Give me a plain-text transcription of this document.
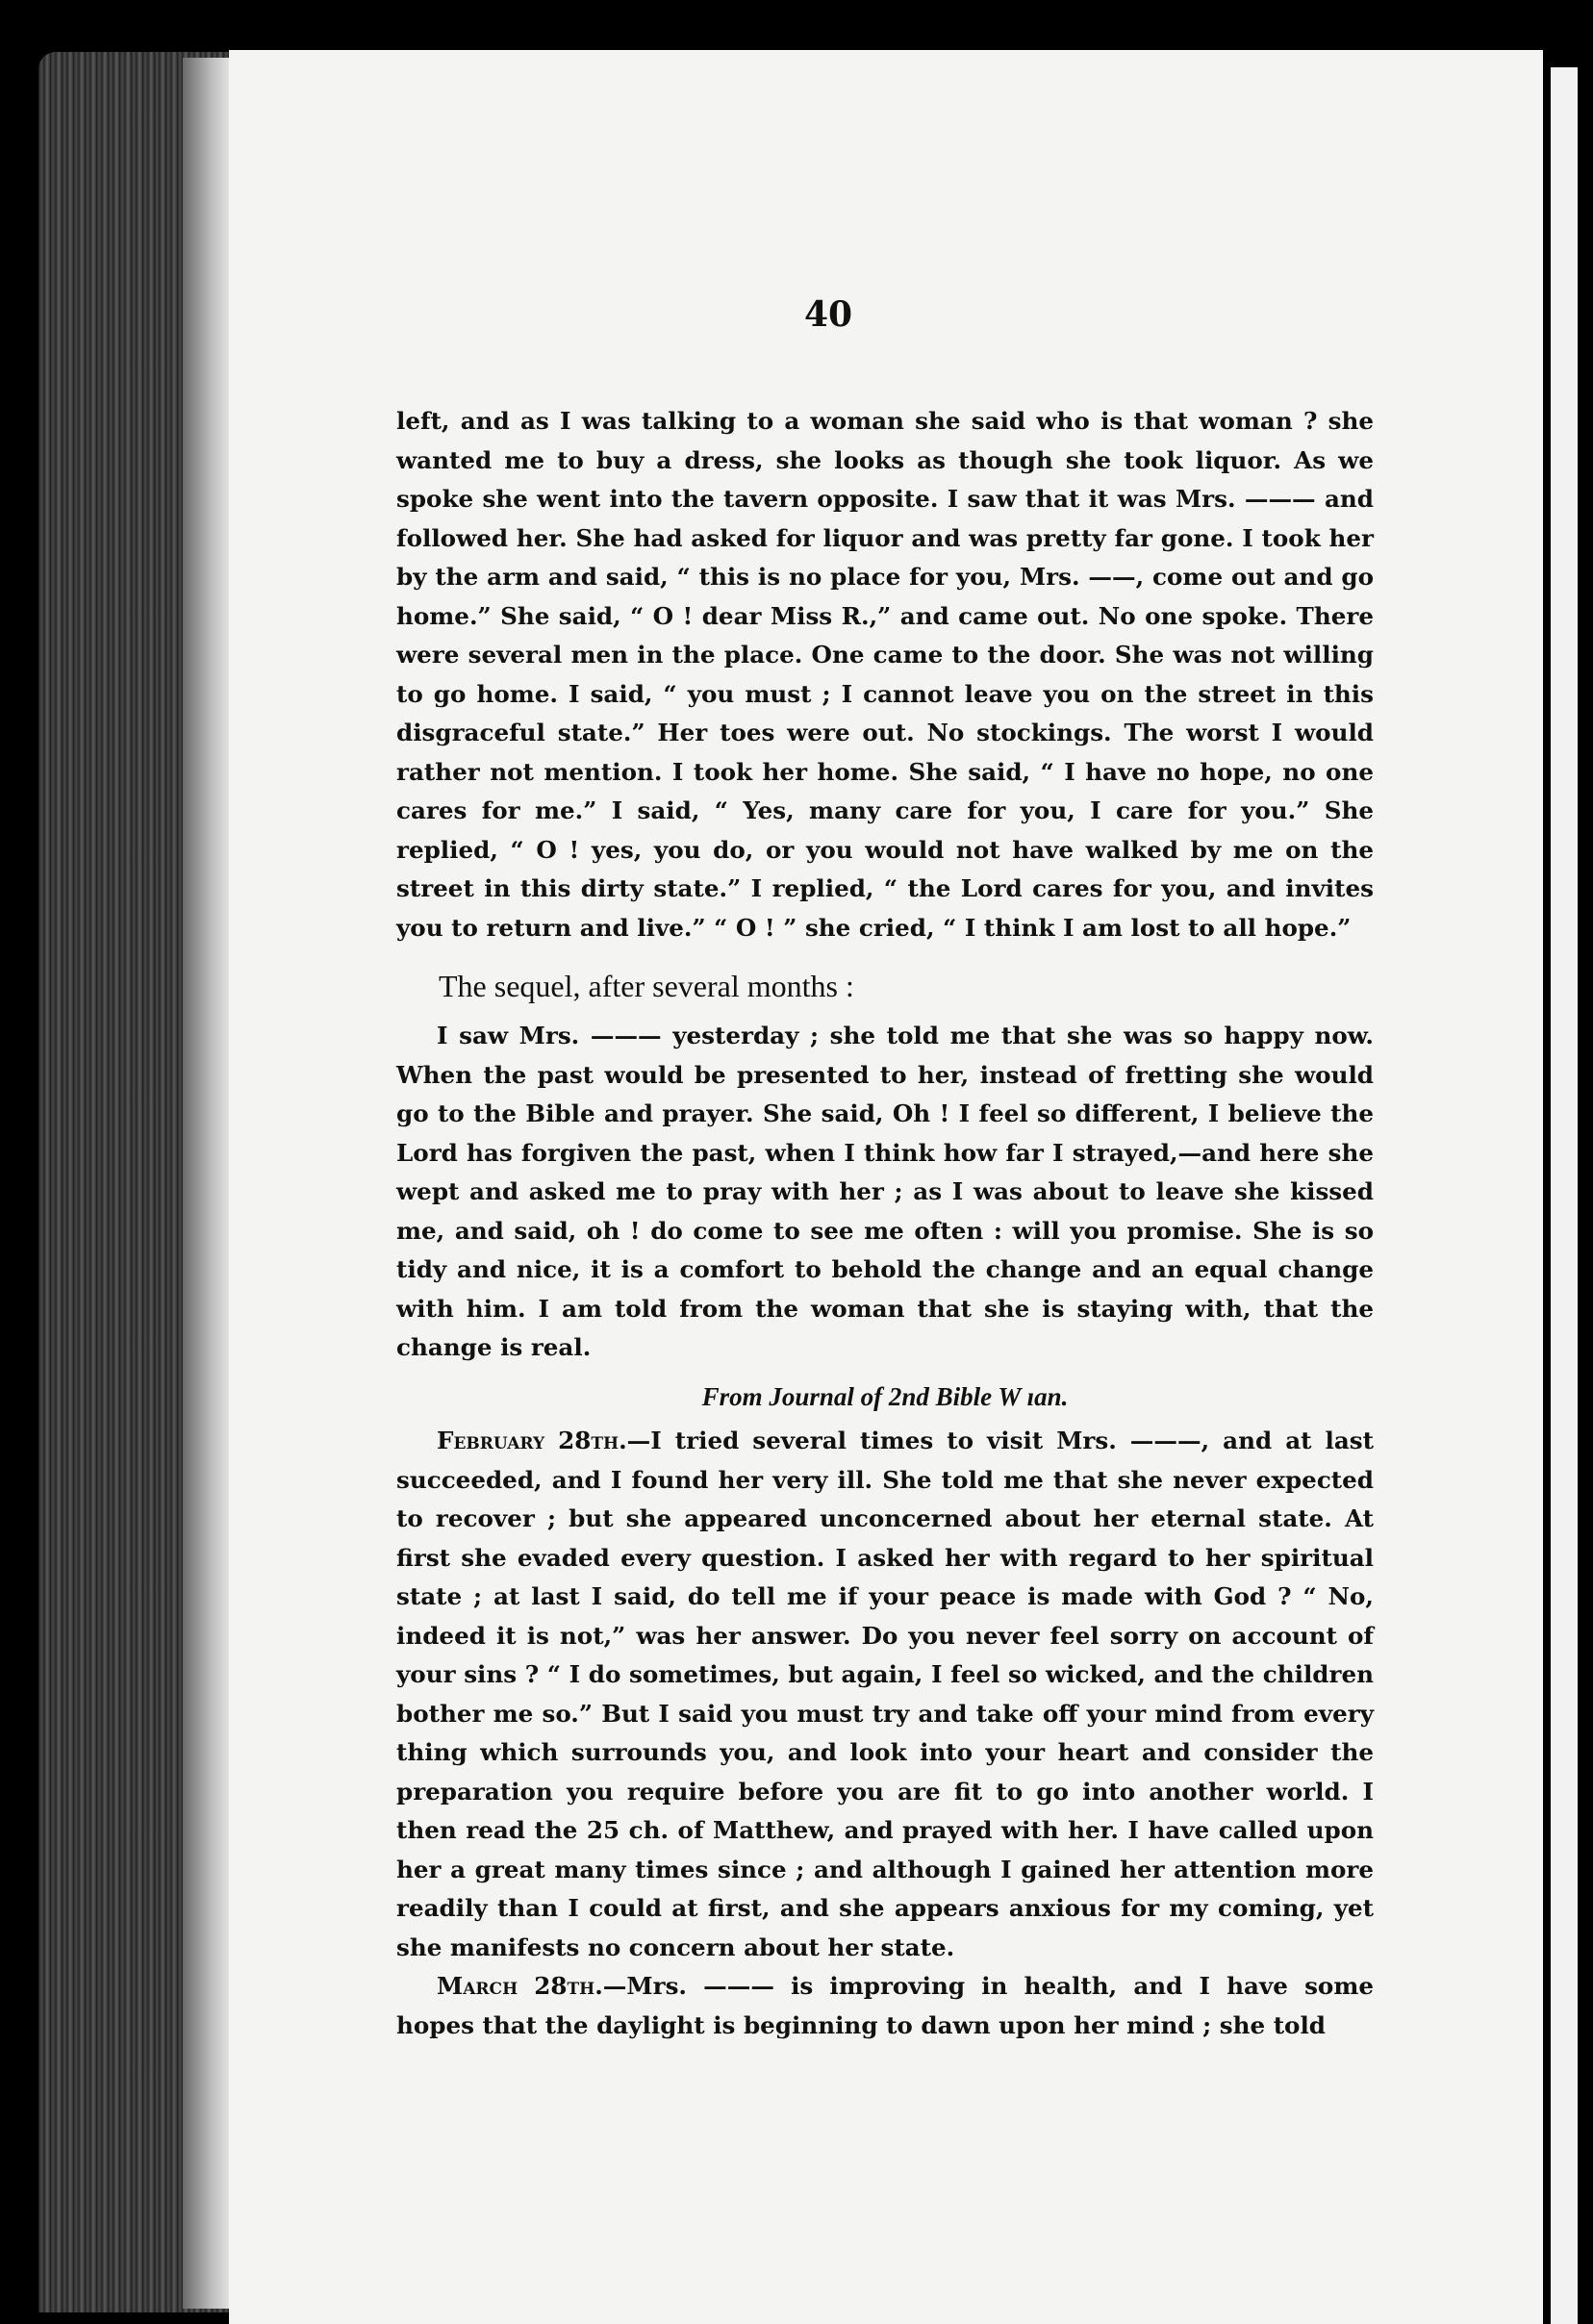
40

left, and as I was talking to a woman she said who is that woman ? she wanted me to buy a dress, she looks as though she took liquor. As we spoke she went into the tavern opposite. I saw that it was Mrs. ——— and followed her. She had asked for liquor and was pretty far gone. I took her by the arm and said, “ this is no place for you, Mrs. ——, come out and go home.” She said, “ O ! dear Miss R.,” and came out. No one spoke. There were several men in the place. One came to the door. She was not willing to go home. I said, “ you must ; I cannot leave you on the street in this disgraceful state.” Her toes were out. No stockings. The worst I would rather not mention. I took her home. She said, “ I have no hope, no one cares for me.” I said, “ Yes, many care for you, I care for you.” She replied, “ O ! yes, you do, or you would not have walked by me on the street in this dirty state.” I replied, “ the Lord cares for you, and invites you to return and live.” “ O ! ” she cried, “ I think I am lost to all hope.”

The sequel, after several months :

I saw Mrs. ——— yesterday ; she told me that she was so happy now. When the past would be presented to her, instead of fretting she would go to the Bible and prayer. She said, Oh ! I feel so different, I believe the Lord has forgiven the past, when I think how far I strayed,—and here she wept and asked me to pray with her ; as I was about to leave she kissed me, and said, oh ! do come to see me often : will you promise. She is so tidy and nice, it is a comfort to behold the change and an equal change with him. I am told from the woman that she is staying with, that the change is real.

From Journal of 2nd Bible W ıan.

February 28th.—I tried several times to visit Mrs. ———, and at last succeeded, and I found her very ill. She told me that she never expected to recover ; but she appeared unconcerned about her eternal state. At first she evaded every question. I asked her with regard to her spiritual state ; at last I said, do tell me if your peace is made with God ? “ No, indeed it is not,” was her answer. Do you never feel sorry on account of your sins ? “ I do sometimes, but again, I feel so wicked, and the children bother me so.” But I said you must try and take off your mind from every thing which surrounds you, and look into your heart and consider the preparation you require before you are fit to go into another world. I then read the 25 ch. of Matthew, and prayed with her. I have called upon her a great many times since ; and although I gained her attention more readily than I could at first, and she appears anxious for my coming, yet she manifests no concern about her state.

March 28th.—Mrs. ——— is improving in health, and I have some hopes that the daylight is beginning to dawn upon her mind ; she told
